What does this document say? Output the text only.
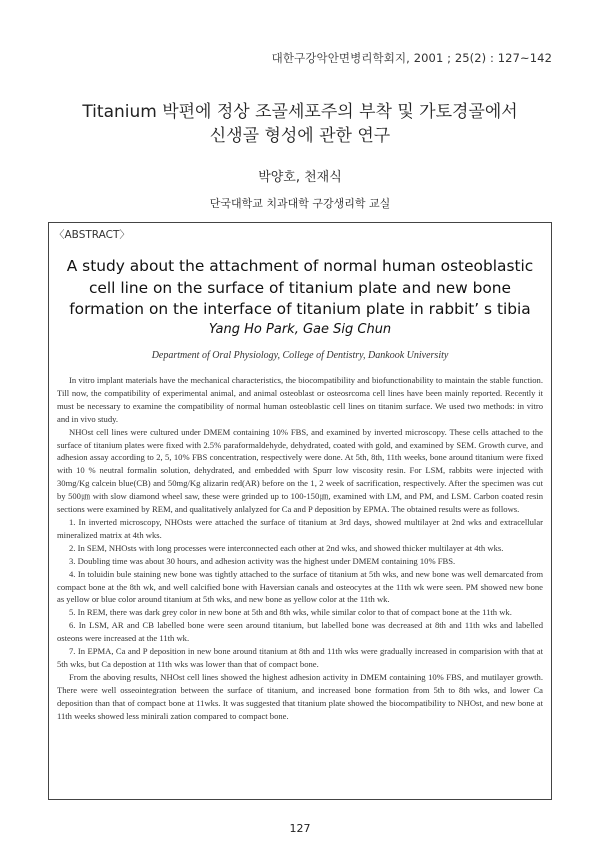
대한구강악안면병리학회지, 2001 ; 25(2) : 127~142
Titanium 박편에 정상 조골세포주의 부착 및 가토경골에서
신생골 형성에 관한 연구
박양호, 천재식
단국대학교 치과대학 구강생리학 교실
〈ABSTRACT〉
A study about the attachment of normal human osteoblastic
cell line on the surface of titanium plate and new bone
formation on the interface of titanium plate in rabbit’ s tibia
Yang Ho Park, Gae Sig Chun
Department of Oral Physiology, College of Dentistry, Dankook University

In vitro implant materials have the mechanical characteristics, the biocompatibility and biofunctionability to maintain the stable function. Till now, the compatibility of experimental animal, and animal osteoblast or osteosrcoma cell lines have been mainly reported. Recently it must be necessary to examine the compatibility of normal human osteoblastic cell lines on titanim surface. We used two methods: in vitro and in vivo study.

NHOst cell lines were cultured under DMEM containing 10% FBS, and examined by inverted microscopy. These cells attached to the surface of titanium plates were fixed with 2.5% paraformaldehyde, dehydrated, coated with gold, and examined by SEM. Growth curve, and adhesion assay according to 2, 5, 10% FBS concentration, respectively were done. At 5th, 8th, 11th weeks, bone around titanium were fixed with 10 % neutral formalin solution, dehydrated, and embedded with Spurr low viscosity resin. For LSM, rabbits were injected with 30mg/Kg calcein blue(CB) and 50mg/Kg alizarin red(AR) before on the 1, 2 week of sacrification, respectively. After the specimen was cut by 500㎛ with slow diamond wheel saw, these were grinded up to 100-150㎛, examined with LM, and PM, and LSM. Carbon coated resin sections were examined by REM, and qualitatively anlalyzed for Ca and P deposition by EPMA. The obtained results were as follows.

1. In inverted microscopy, NHOsts were attached the surface of titanium at 3rd days, showed multilayer at 2nd wks and extracellular mineralized matrix at 4th wks.

2. In SEM, NHOsts with long processes were interconnected each other at 2nd wks, and showed thicker multilayer at 4th wks.

3. Doubling time was about 30 hours, and adhesion activity was the highest under DMEM containing 10% FBS.

4. In toluidin bule staining new bone was tightly attached to the surface of titanium at 5th wks, and new bone was well demarcated from compact bone at the 8th wk, and well calcified bone with Haversian canals and osteocytes at the 11th wk were seen. PM showed new bone as yellow or blue color around titanium at 5th wks, and new bone as yellow color at the 11th wk.

5. In REM, there was dark grey color in new bone at 5th and 8th wks, while similar color to that of compact bone at the 11th wk.

6. In LSM, AR and CB labelled bone were seen around titanium, but labelled bone was decreased at 8th and 11th wks and labelled osteons were increased at the 11th wk.

7. In EPMA, Ca and P deposition in new bone around titanium at 8th and 11th wks were gradually increased in comparision with that at 5th wks, but Ca depostion at 11th wks was lower than that of compact bone.

From the aboving results, NHOst cell lines showed the highest adhesion activity in DMEM containing 10% FBS, and mutilayer growth. There were well osseointegration between the surface of titanium, and increased bone formation from 5th to 8th wks, and lower Ca deposition than that of compact bone at 11wks. It was suggested that titanium plate showed the biocompatibility to NHOst, and new bone at 11th weeks showed less minirali zation compared to compact bone.

127
